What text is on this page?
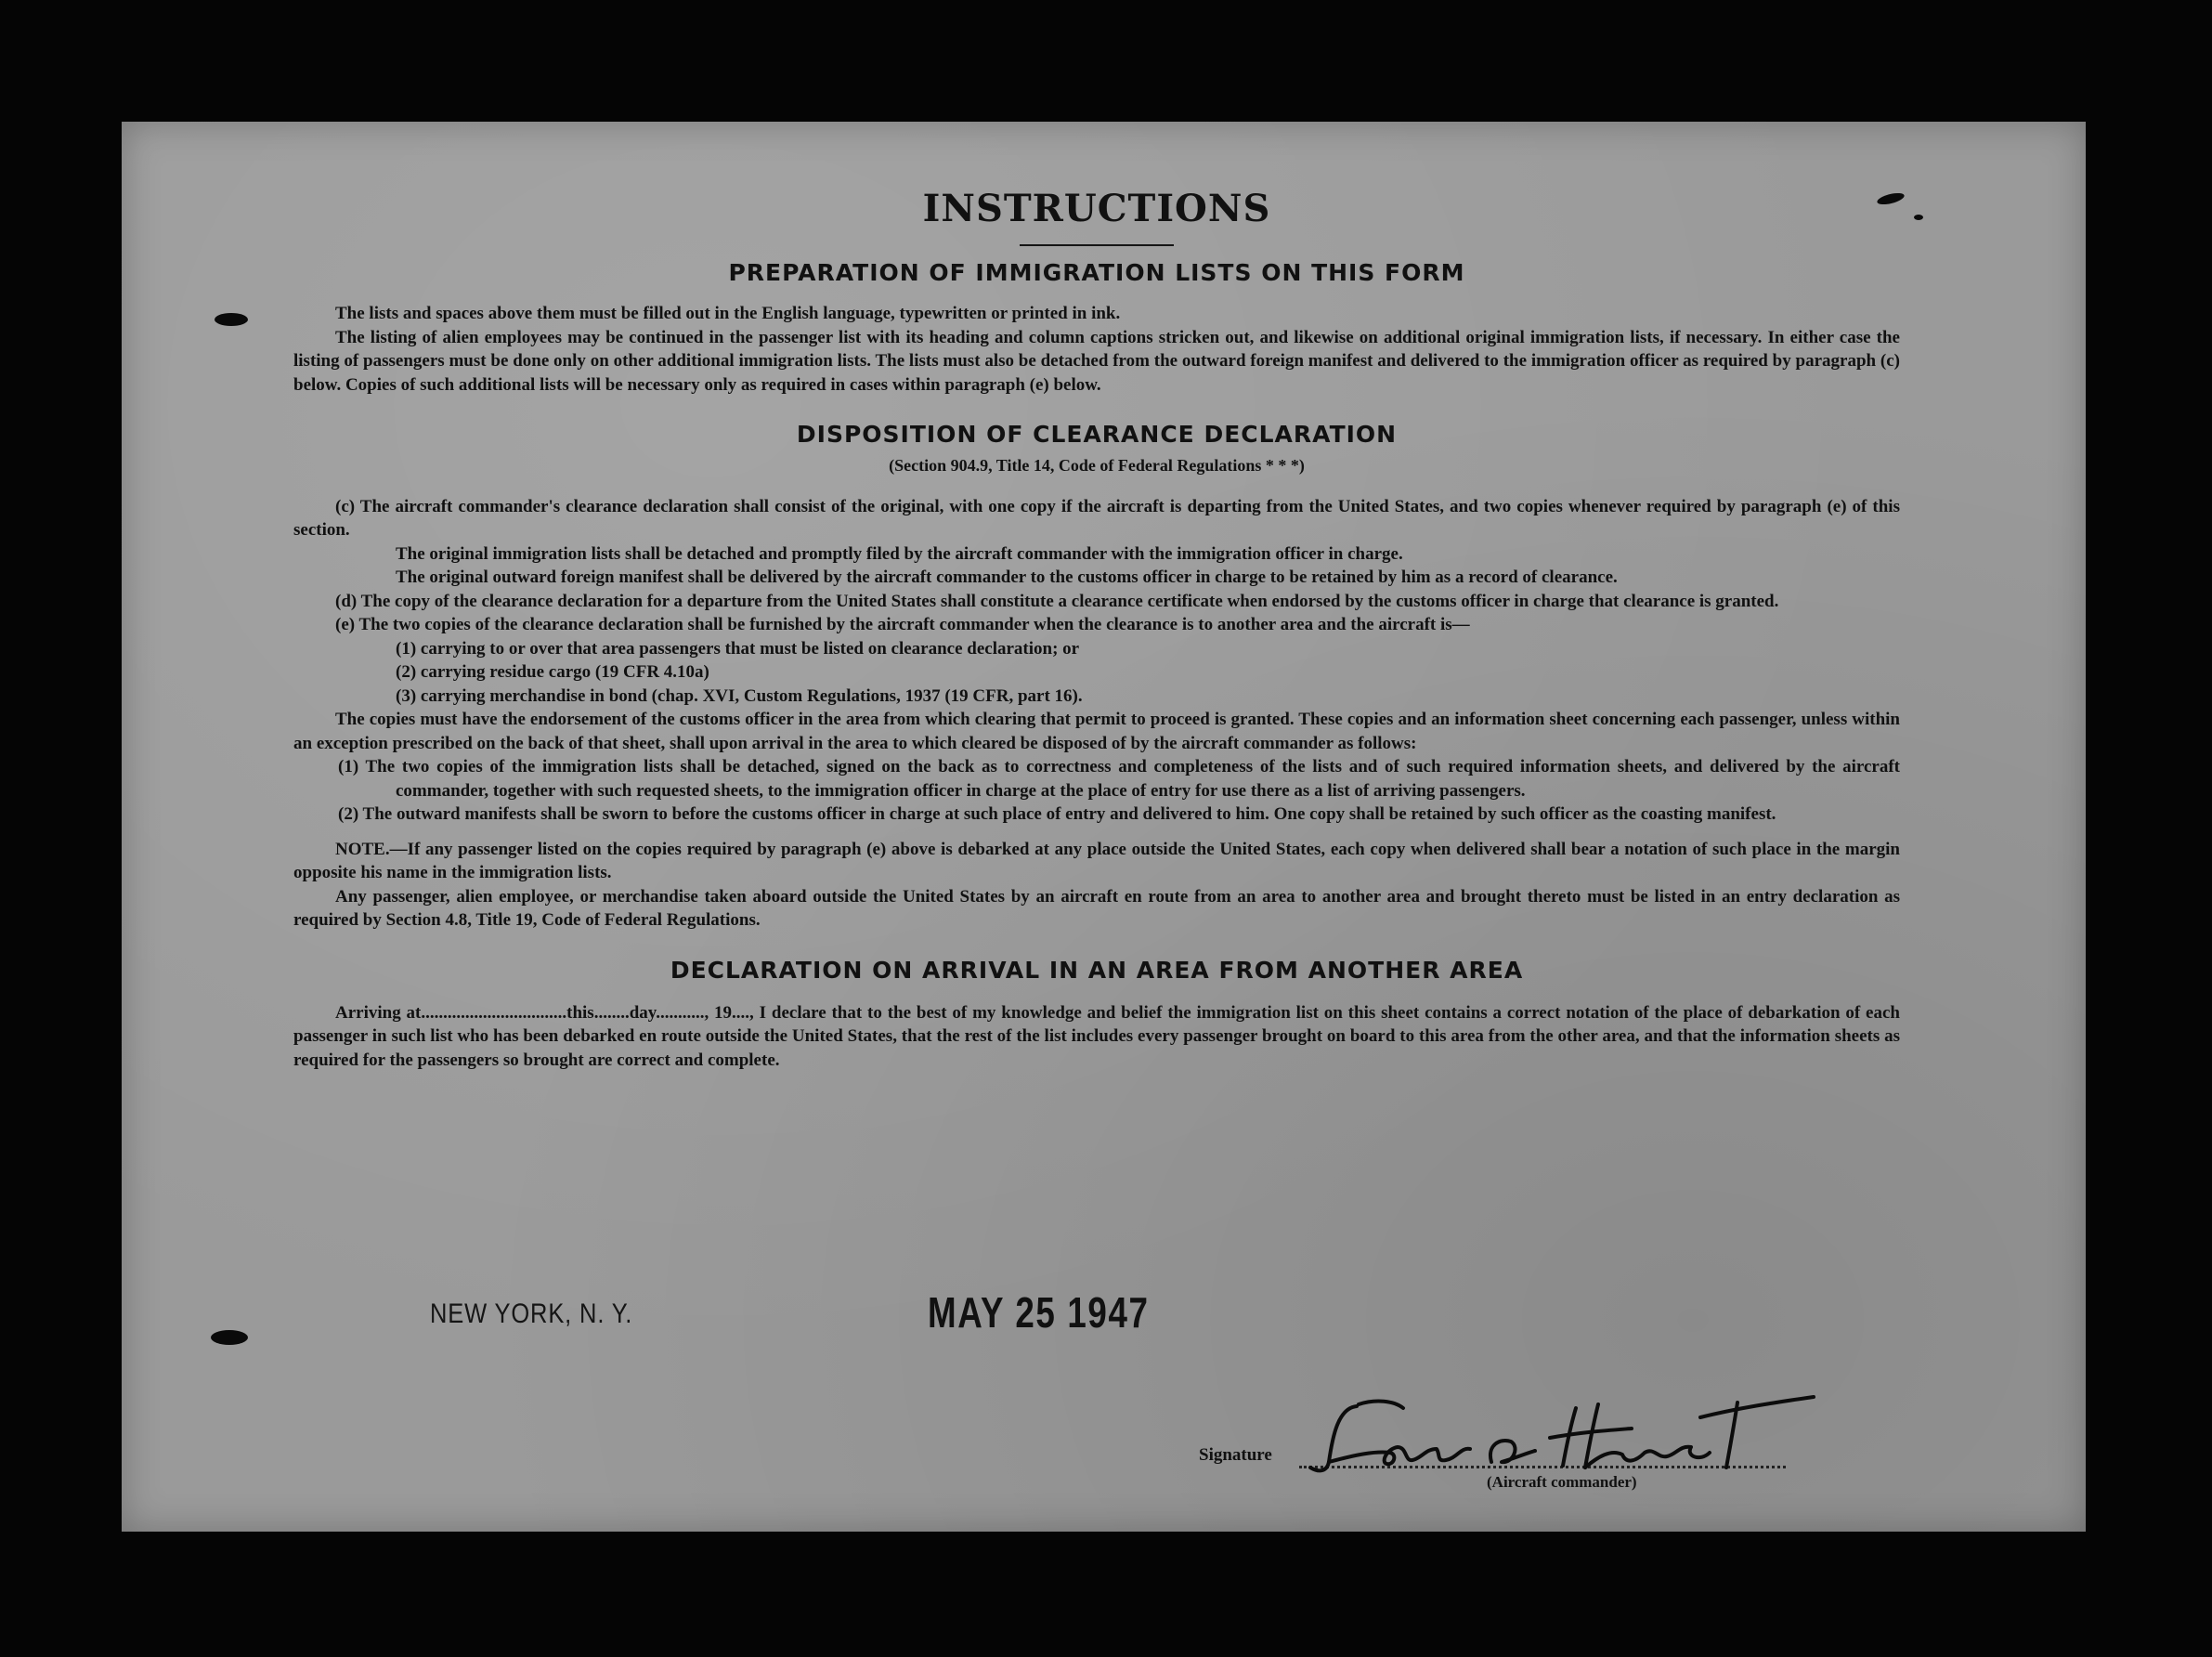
INSTRUCTIONS
PREPARATION OF IMMIGRATION LISTS ON THIS FORM

The lists and spaces above them must be filled out in the English language, typewritten or printed in ink.

The listing of alien employees may be continued in the passenger list with its heading and column captions stricken out, and likewise on additional original immigration lists, if necessary. In either case the listing of passengers must be done only on other additional immigration lists. The lists must also be detached from the outward foreign manifest and delivered to the immigration officer as required by paragraph (c) below. Copies of such additional lists will be necessary only as required in cases within paragraph (e) below.

DISPOSITION OF CLEARANCE DECLARATION
(Section 904.9, Title 14, Code of Federal Regulations * * *)

(c) The aircraft commander's clearance declaration shall consist of the original, with one copy if the aircraft is departing from the United States, and two copies whenever required by paragraph (e) of this section.

The original immigration lists shall be detached and promptly filed by the aircraft commander with the immigration officer in charge.

The original outward foreign manifest shall be delivered by the aircraft commander to the customs officer in charge to be retained by him as a record of clearance.

(d) The copy of the clearance declaration for a departure from the United States shall constitute a clearance certificate when endorsed by the customs officer in charge that clearance is granted.

(e) The two copies of the clearance declaration shall be furnished by the aircraft commander when the clearance is to another area and the aircraft is—

(1) carrying to or over that area passengers that must be listed on clearance declaration; or

(2) carrying residue cargo (19 CFR 4.10a)

(3) carrying merchandise in bond (chap. XVI, Custom Regulations, 1937 (19 CFR, part 16).

The copies must have the endorsement of the customs officer in the area from which clearing that permit to proceed is granted. These copies and an information sheet concerning each passenger, unless within an exception prescribed on the back of that sheet, shall upon arrival in the area to which cleared be disposed of by the aircraft commander as follows:

(1) The two copies of the immigration lists shall be detached, signed on the back as to correctness and completeness of the lists and of such required information sheets, and delivered by the aircraft commander, together with such requested sheets, to the immigration officer in charge at the place of entry for use there as a list of arriving passengers.

(2) The outward manifests shall be sworn to before the customs officer in charge at such place of entry and delivered to him. One copy shall be retained by such officer as the coasting manifest.

NOTE.—If any passenger listed on the copies required by paragraph (e) above is debarked at any place outside the United States, each copy when delivered shall bear a notation of such place in the margin opposite his name in the immigration lists.

Any passenger, alien employee, or merchandise taken aboard outside the United States by an aircraft en route from an area to another area and brought thereto must be listed in an entry declaration as required by Section 4.8, Title 19, Code of Federal Regulations.

DECLARATION ON ARRIVAL IN AN AREA FROM ANOTHER AREA

Arriving at.................................this........day..........., 19...., I declare that to the best of my knowledge and belief the immigration list on this sheet contains a correct notation of the place of debarkation of each passenger in such list who has been debarked en route outside the United States, that the rest of the list includes every passenger brought on board to this area from the other area, and that the information sheets as required for the passengers so brought are correct and complete.

NEW YORK, N. Y.	MAY 25 1947
Signature
(Aircraft commander)
